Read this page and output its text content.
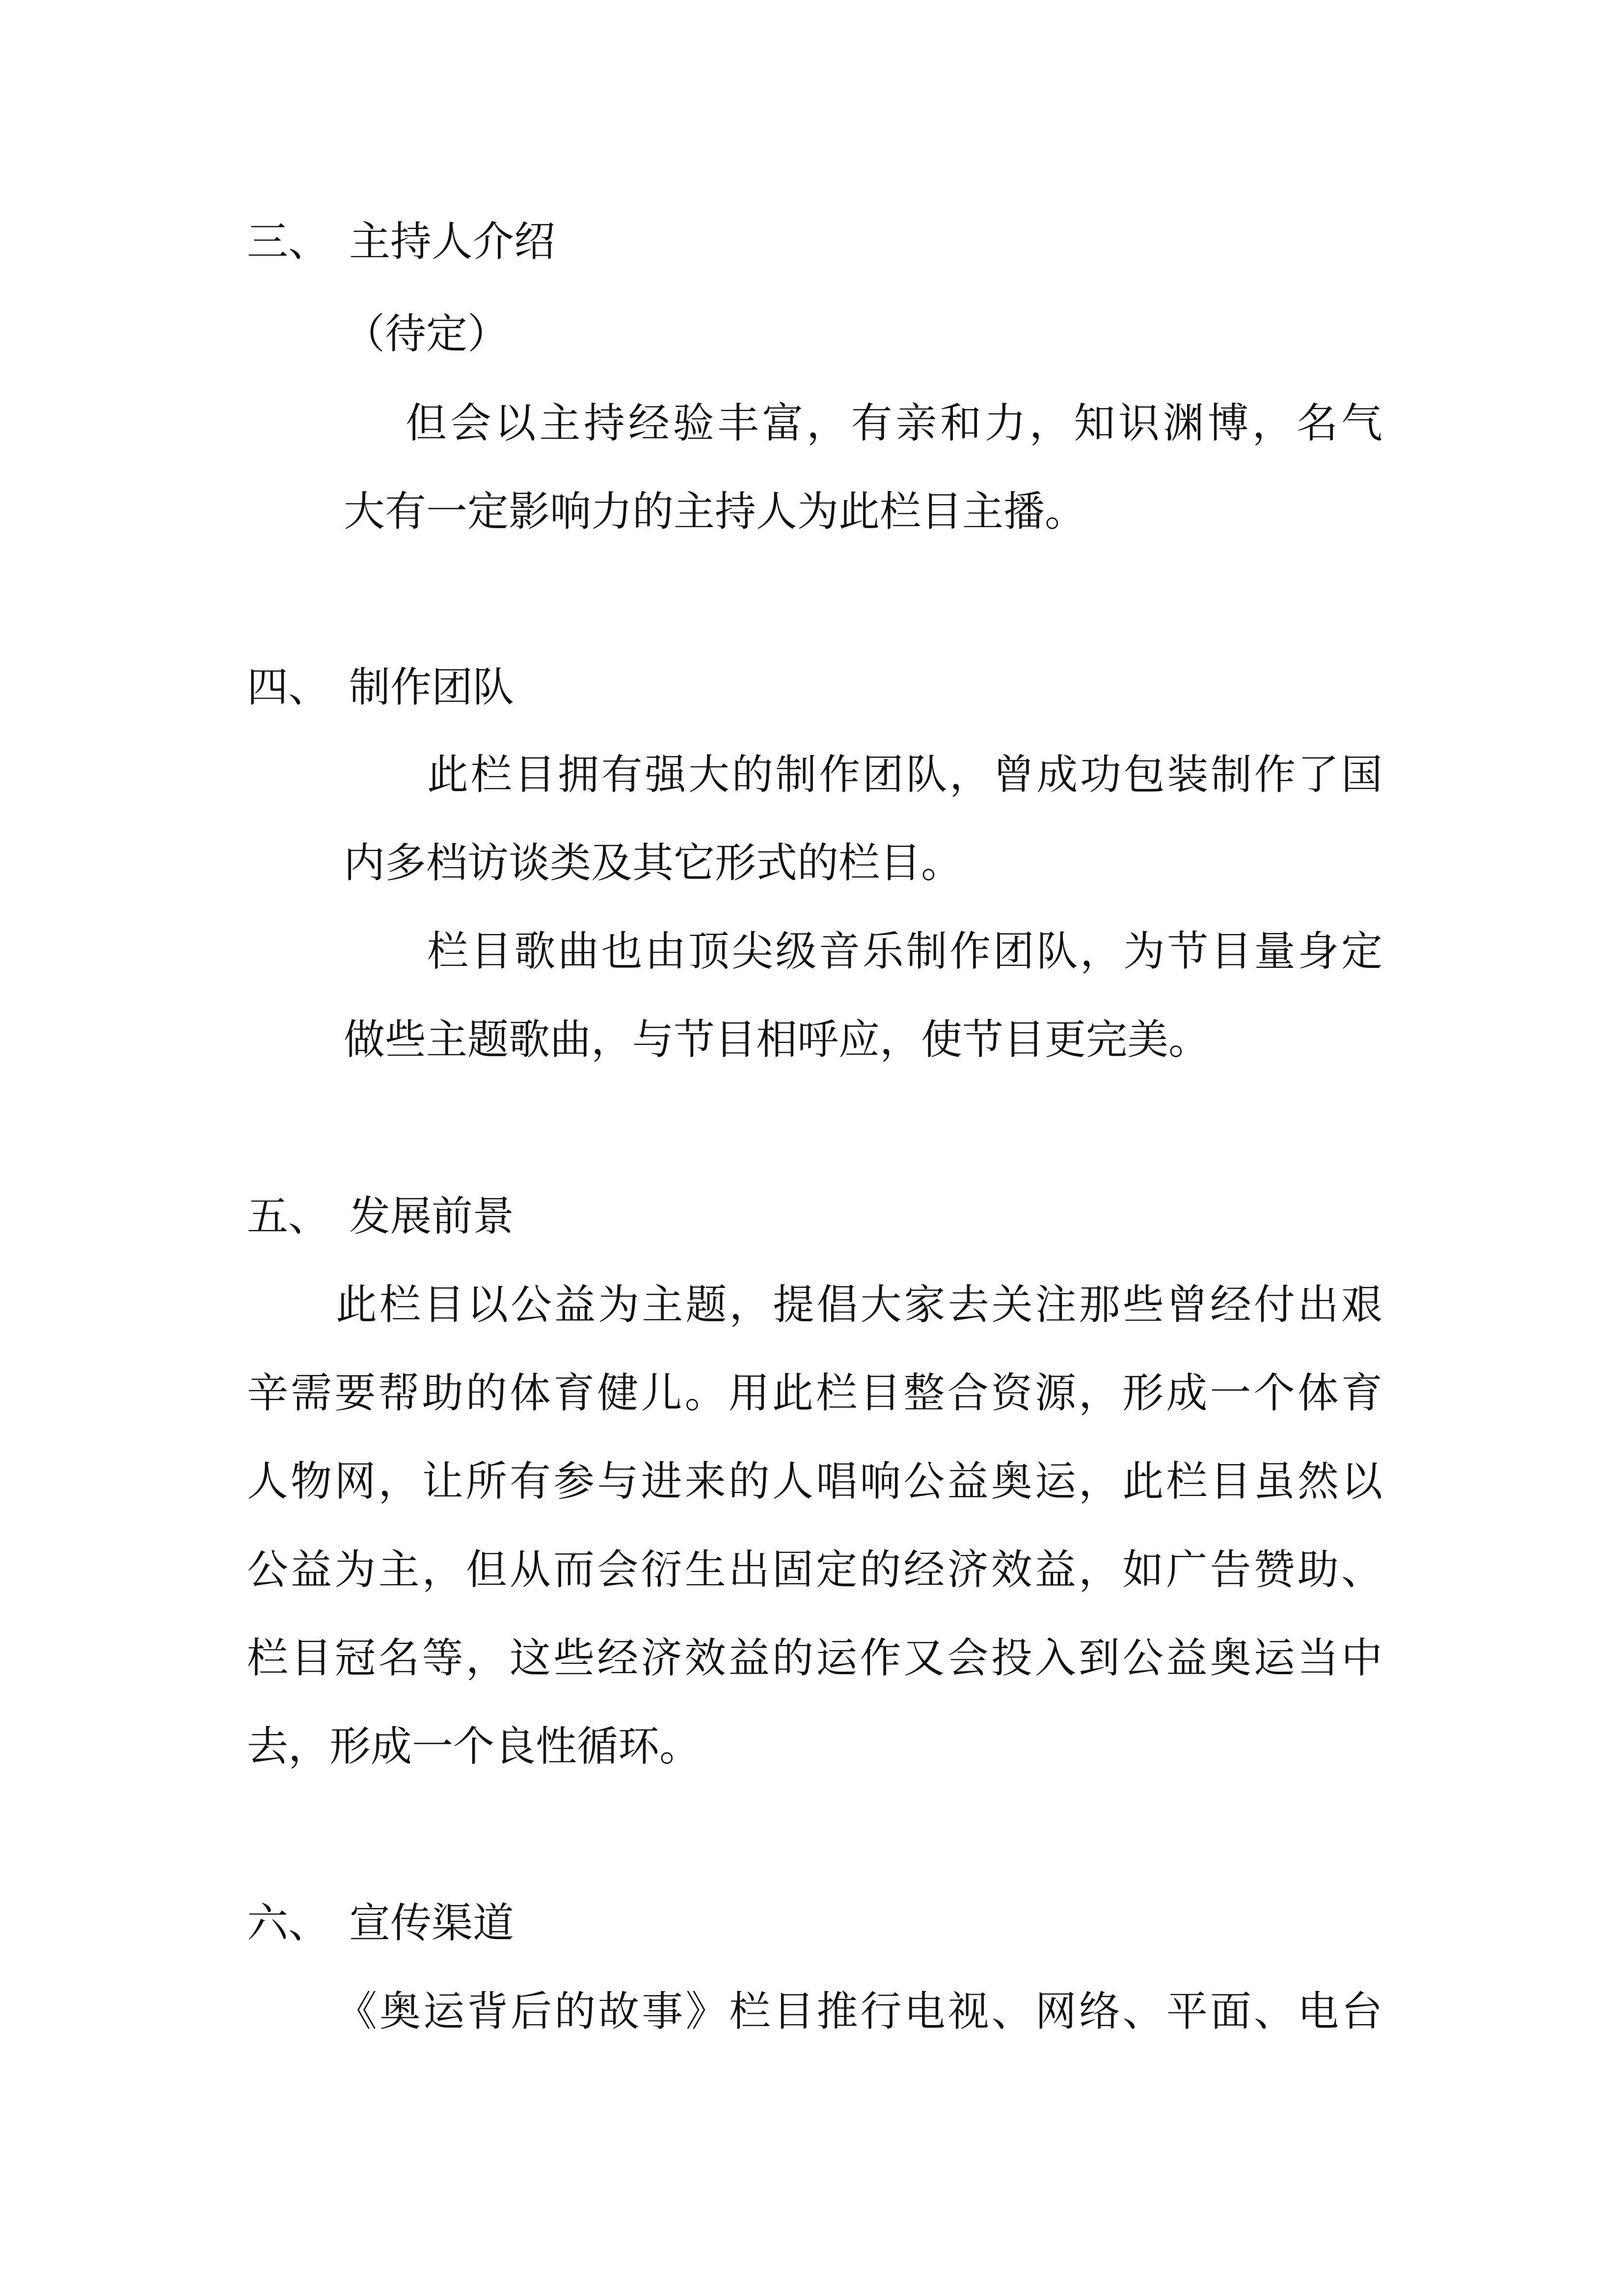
三、 主持人介绍
（待定）
但会以主持经验丰富，有亲和力，知识渊博，名气
大有一定影响力的主持人为此栏目主播。
四、 制作团队
此栏目拥有强大的制作团队，曾成功包装制作了国
内多档访谈类及其它形式的栏目。
栏目歌曲也由顶尖级音乐制作团队，为节目量身定
做些主题歌曲，与节目相呼应，使节目更完美。
五、 发展前景
此栏目以公益为主题，提倡大家去关注那些曾经付出艰
辛需要帮助的体育健儿。用此栏目整合资源，形成一个体育
人物网，让所有参与进来的人唱响公益奥运，此栏目虽然以
公益为主，但从而会衍生出固定的经济效益，如广告赞助、
栏目冠名等，这些经济效益的运作又会投入到公益奥运当中
去，形成一个良性循环。
六、 宣传渠道
《奥运背后的故事》栏目推行电视、网络、平面、电台
